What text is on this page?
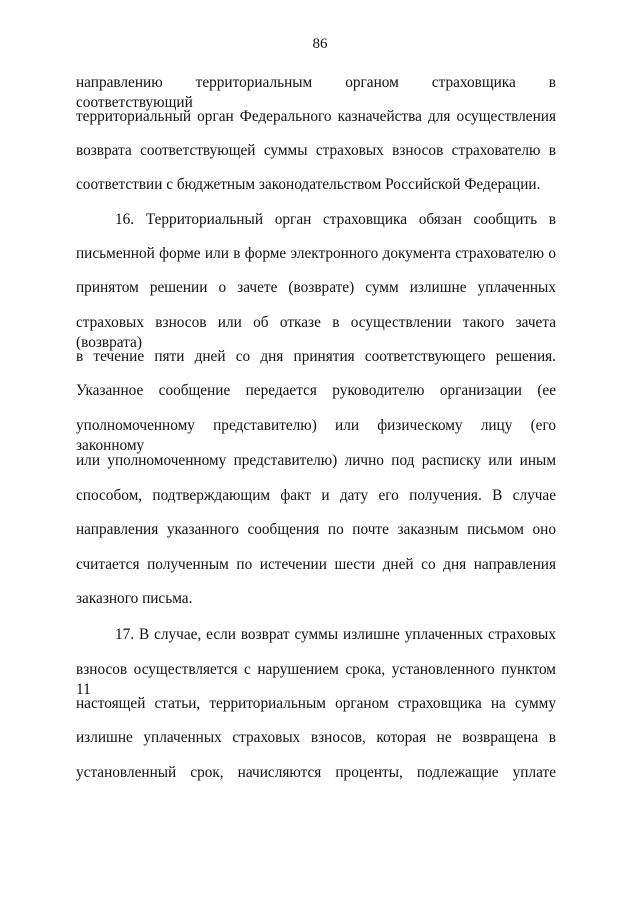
86
направлению территориальным органом страховщика в соответствующий
территориальный орган Федерального казначейства для осуществления
возврата соответствующей суммы страховых взносов страхователю в
соответствии с бюджетным законодательством Российской Федерации.
16. Территориальный орган страховщика обязан сообщить в
письменной форме или в форме электронного документа страхователю о
принятом решении о зачете (возврате) сумм излишне уплаченных
страховых взносов или об отказе в осуществлении такого зачета (возврата)
в течение пяти дней со дня принятия соответствующего решения.
Указанное сообщение передается руководителю организации (ее
уполномоченному представителю) или физическому лицу (его законному
или уполномоченному представителю) лично под расписку или иным
способом, подтверждающим факт и дату его получения. В случае
направления указанного сообщения по почте заказным письмом оно
считается полученным по истечении шести дней со дня направления
заказного письма.
17. В случае, если возврат суммы излишне уплаченных страховых
взносов осуществляется с нарушением срока, установленного пунктом 11
настоящей статьи, территориальным органом страховщика на сумму
излишне уплаченных страховых взносов, которая не возвращена в
установленный срок, начисляются проценты, подлежащие уплате
